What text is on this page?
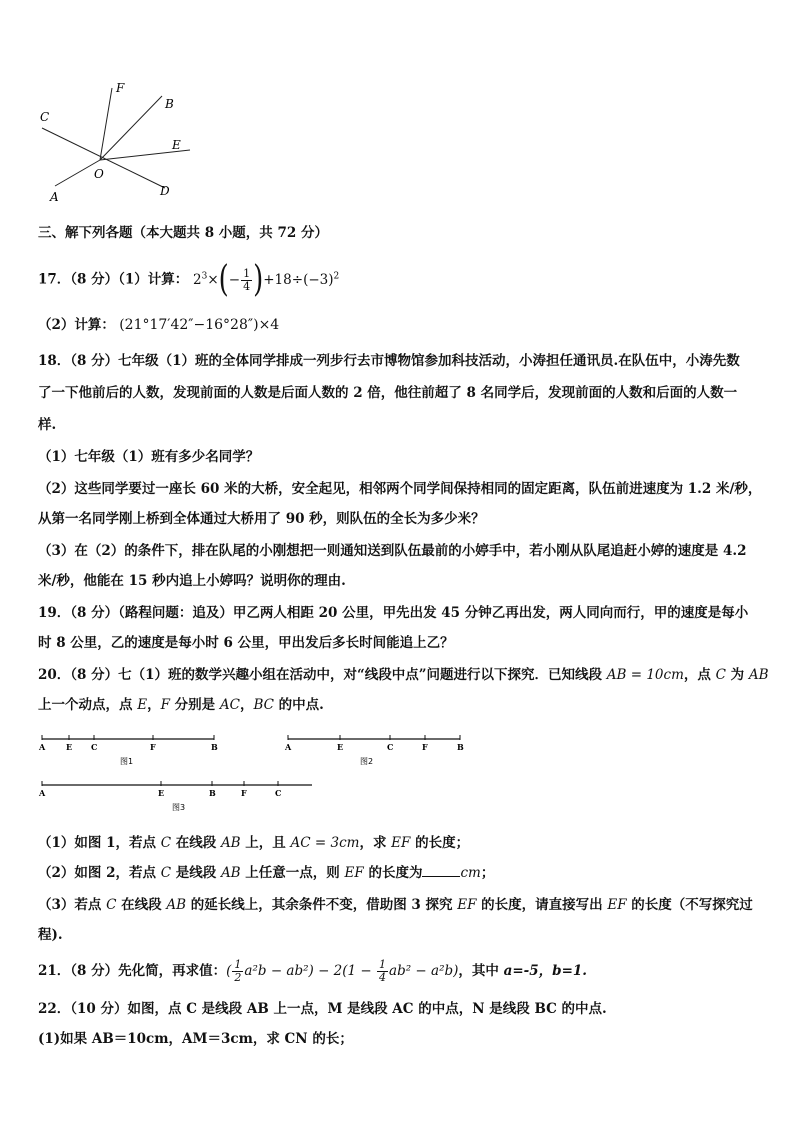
C
F
B
E
O
A	D
三、解下列各题（本大题共 8 小题，共 72 分）
17．（8 分）（1）计算： $2^3\times(- \frac{1}{4} )+18\div(-3)^2$
（2）计算： (21°17′42″−16°28″)×4
18．（8 分）七年级（1）班的全体同学排成一列步行去市博物馆参加科技活动，小涛担任通讯员.在队伍中，小涛先数
了一下他前后的人数，发现前面的人数是后面人数的 2 倍，他往前超了 8 名同学后，发现前面的人数和后面的人数一
样.
（1）七年级（1）班有多少名同学？
（2）这些同学要过一座长 60 米的大桥，安全起见，相邻两个同学间保持相同的固定距离，队伍前进速度为 1.2 米/秒，
从第一名同学刚上桥到全体通过大桥用了 90 秒，则队伍的全长为多少米？
（3）在（2）的条件下，排在队尾的小刚想把一则通知送到队伍最前的小婷手中，若小刚从队尾追赶小婷的速度是 4.2
米/秒，他能在 15 秒内追上小婷吗？说明你的理由.
19．（8 分）（路程问题：追及）甲乙两人相距 20 公里，甲先出发 45 分钟乙再出发，两人同向而行，甲的速度是每小
时 8 公里，乙的速度是每小时 6 公里，甲出发后多长时间能追上乙？
20．（8 分）七（1）班的数学兴趣小组在活动中，对“线段中点”问题进行以下探究．已知线段 AB = 10cm，点 C 为 AB
上一个动点，点 E，F 分别是 AC，BC 的中点.
A	E C	F	B
图1
A	E	C	F	B
图2
A	E	B	F	C
图3
（1）如图 1，若点 C 在线段 AB 上，且 AC = 3cm，求 EF 的长度；
（2）如图 2，若点 C 是线段 AB 上任意一点，则 EF 的长度为	cm；
（3）若点 C 在线段 AB 的延长线上，其余条件不变，借助图 3 探究 EF 的长度，请直接写出 EF 的长度（不写探究过
程).
21．（8 分）先化简，再求值：( $\frac{1}{2} a^2b - ab^2) - 2(1 - \frac{1}{4} ab^2 - a^2b)$，其中 a=-5，b=1.
22．（10 分）如图，点 C 是线段 AB 上一点，M 是线段 AC 的中点，N 是线段 BC 的中点.
(1)如果 AB＝10cm，AM＝3cm，求 CN 的长；
